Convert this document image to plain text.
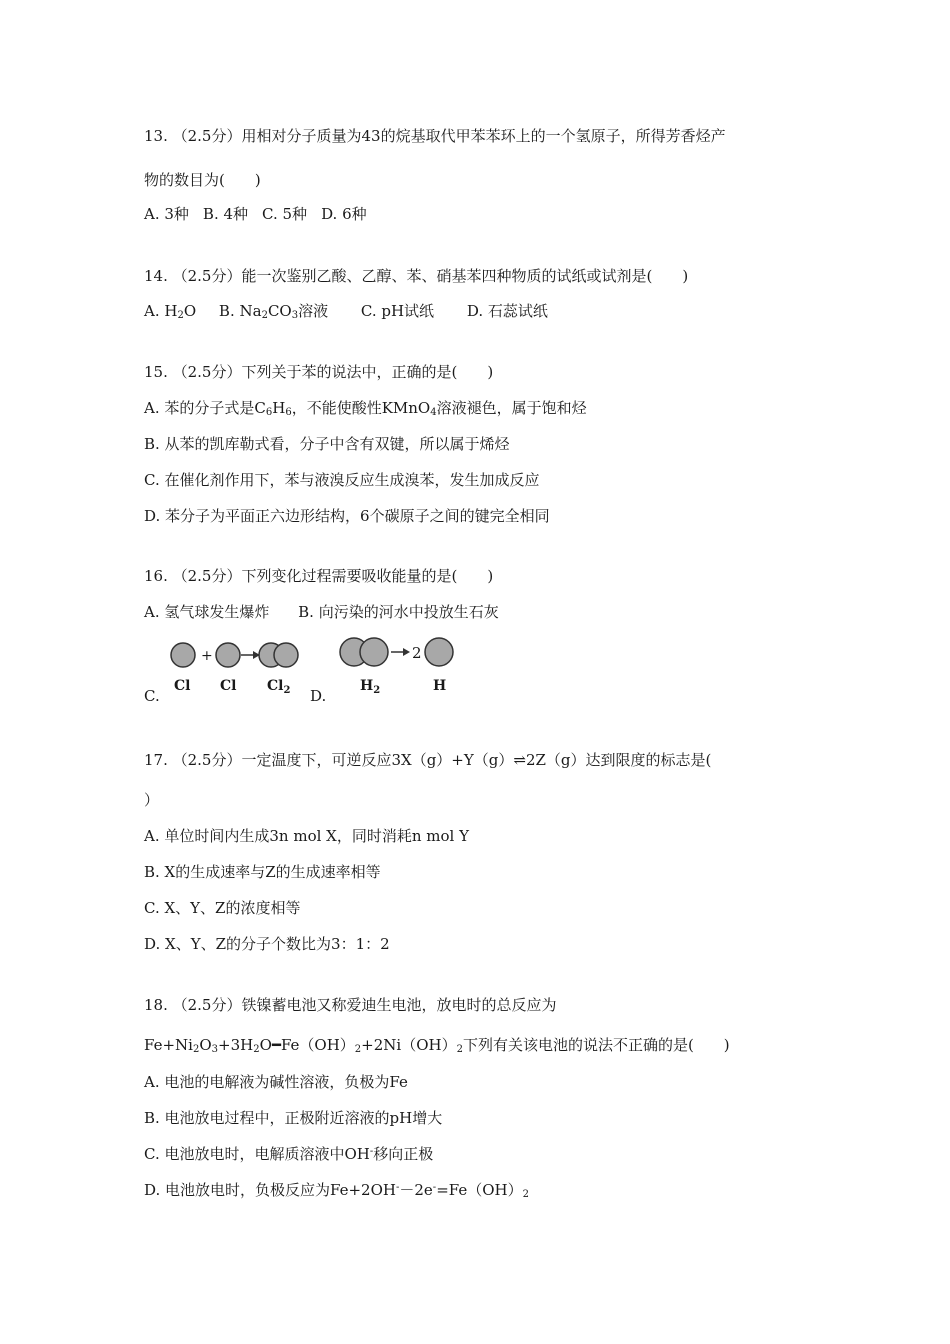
13. （2.5分）用相对分子质量为43的烷基取代甲苯苯环上的一个氢原子，所得芳香烃产
物的数目为(　　)
A. 3种 B. 4种 C. 5种 D. 6种
14. （2.5分）能一次鉴别乙酸、乙醇、苯、硝基苯四种物质的试纸或试剂是(　　)
A. $H_2O$ B. $Na_2CO_3$溶液 C. pH试纸 D. 石蕊试纸
15. （2.5分）下列关于苯的说法中，正确的是(　　)
A. 苯的分子式是$C_6H_6$，不能使酸性KMnO$_4$溶液褪色，属于饱和烃
B. 从苯的凯库勒式看，分子中含有双键，所以属于烯烃
C. 在催化剂作用下，苯与液溴反应生成溴苯，发生加成反应
D. 苯分子为平面正六边形结构，6个碳原子之间的键完全相同
16. （2.5分）下列变化过程需要吸收能量的是(　　)
A. 氢气球发生爆炸 B. 向污染的河水中投放生石灰
C.	D.
+
Cl Cl $Cl_2$
2
$H_2$	H
17. （2.5分）一定温度下，可逆反应3X（g）+Y（g）⇌2Z（g）达到限度的标志是(
）
A. 单位时间内生成3n mol X，同时消耗n mol Y
B. X的生成速率与Z的生成速率相等
C. X、Y、Z的浓度相等
D. X、Y、Z的分子个数比为3：1：2
18. （2.5分）铁镍蓄电池又称爱迪生电池，放电时的总反应为
$Fe+Ni_2O_3+3H_2O━Fe(OH)_2+2Ni(OH)_2$下列有关该电池的说法不正确的是(　　)
A. 电池的电解液为碱性溶液，负极为Fe
B. 电池放电过程中，正极附近溶液的pH增大
C. 电池放电时，电解质溶液中OH-移向正极
D. 电池放电时，负极反应为$Fe+2OH^--2e^-=Fe(OH)_2$
